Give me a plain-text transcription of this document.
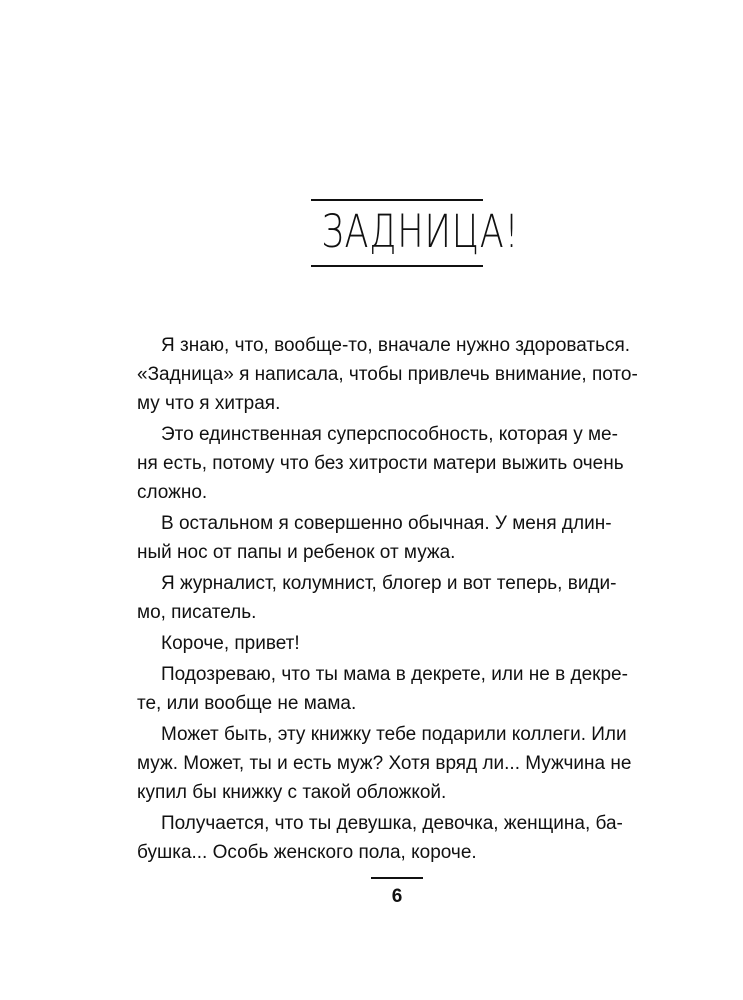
ЗАДНИЦА!

Я знаю, что, вообще-то, вначале нужно здороваться.
«Задница» я написала, чтобы привлечь внимание, пото-
му что я хитрая.

Это единственная суперспособность, которая у ме-
ня есть, потому что без хитрости матери выжить очень
сложно.

В остальном я совершенно обычная. У меня длин-
ный нос от папы и ребенок от мужа.

Я журналист, колумнист, блогер и вот теперь, види-
мо, писатель.

Короче, привет!

Подозреваю, что ты мама в декрете, или не в декре-
те, или вообще не мама.

Может быть, эту книжку тебе подарили коллеги. Или
муж. Может, ты и есть муж? Хотя вряд ли... Мужчина не
купил бы книжку с такой обложкой.

Получается, что ты девушка, девочка, женщина, ба-
бушка... Особь женского пола, короче.

6
